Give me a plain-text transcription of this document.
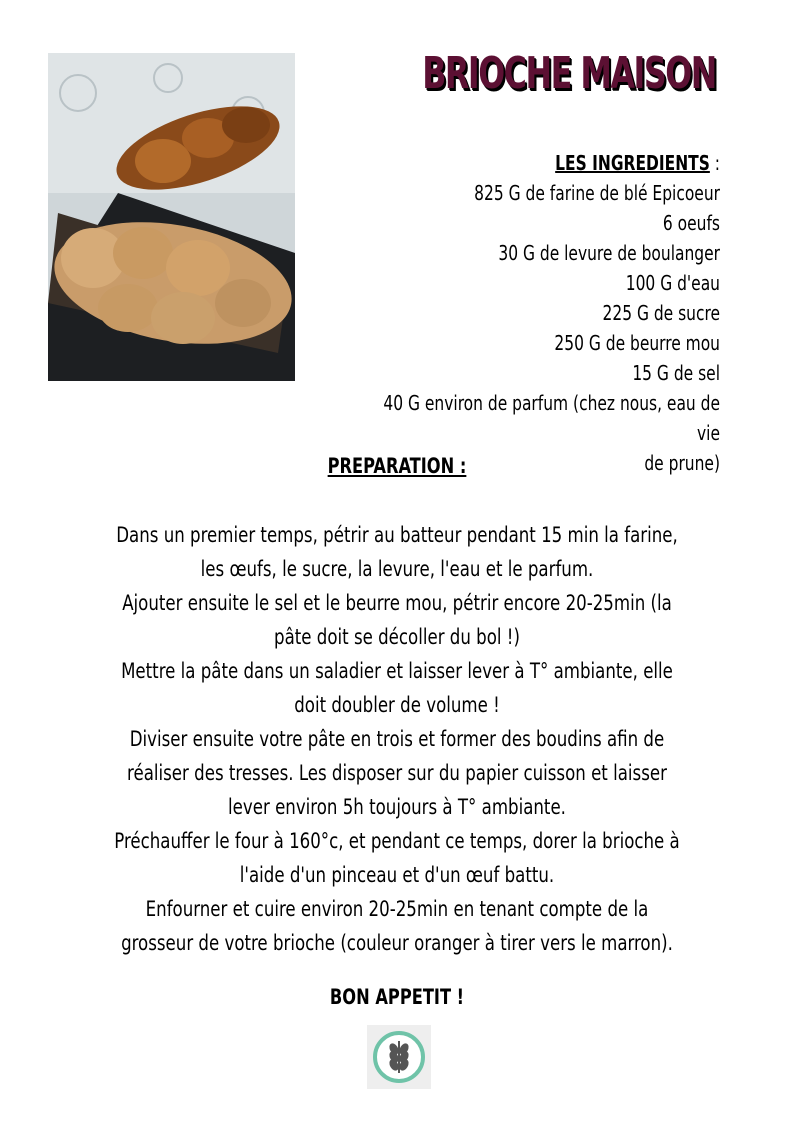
BRIOCHE MAISON
LES INGREDIENTS :
825 G de farine de blé Epicoeur
6 oeufs
30 G de levure de boulanger
100 G d'eau
225 G de sucre
250 G de beurre mou
15 G de sel
40 G environ de parfum (chez nous, eau de vie
de prune)
PREPARATION :
Dans un premier temps, pétrir au batteur pendant 15 min la farine, les œufs, le sucre, la levure, l'eau et le parfum.
Ajouter ensuite le sel et le beurre mou, pétrir encore 20-25min (la pâte doit se décoller du bol !)
Mettre la pâte dans un saladier et laisser lever à T° ambiante, elle doit doubler de volume !
Diviser ensuite votre pâte en trois et former des boudins afin de réaliser des tresses. Les disposer sur du papier cuisson et laisser lever environ 5h toujours à T° ambiante.
Préchauffer le four à 160°c, et pendant ce temps, dorer la brioche à l'aide d'un pinceau et d'un œuf battu.
Enfourner et cuire environ 20-25min en tenant compte de la grosseur de votre brioche (couleur oranger à tirer vers le marron).
BON APPETIT !
